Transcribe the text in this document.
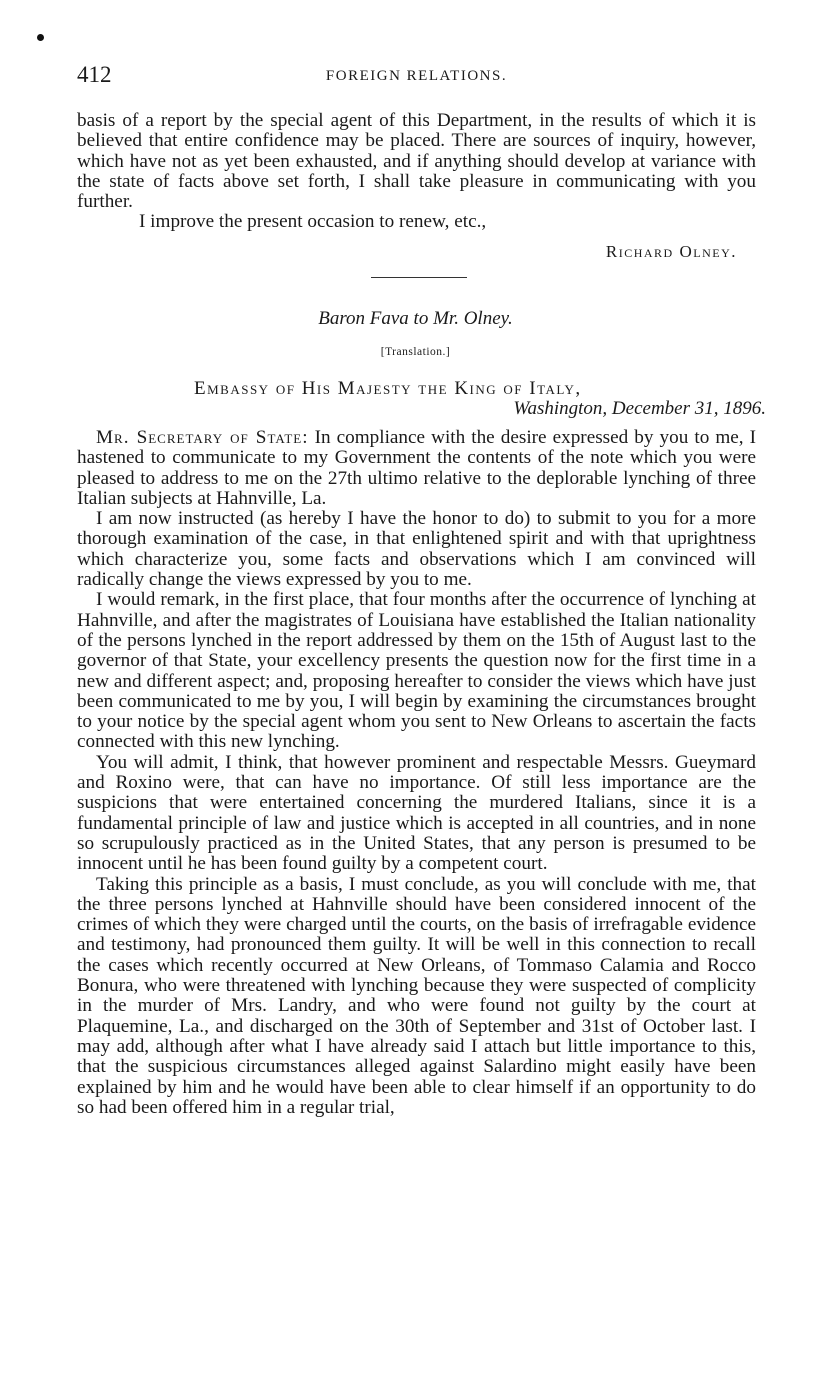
412	FOREIGN RELATIONS.

basis of a report by the special agent of this Department, in the results of which it is believed that entire confidence may be placed. There are sources of inquiry, however, which have not as yet been exhausted, and if anything should develop at variance with the state of facts above set forth, I shall take pleasure in communicating with you further.

I improve the present occasion to renew, etc.,

Richard Olney.
Baron Fava to Mr. Olney.
[Translation.]
Embassy of His Majesty the King of Italy,
Washington, December 31, 1896.

Mr. Secretary of State: In compliance with the desire expressed by you to me, I hastened to communicate to my Government the contents of the note which you were pleased to address to me on the 27th ultimo relative to the deplorable lynching of three Italian subjects at Hahnville, La.

I am now instructed (as hereby I have the honor to do) to submit to you for a more thorough examination of the case, in that enlightened spirit and with that uprightness which characterize you, some facts and observations which I am convinced will radically change the views expressed by you to me.

I would remark, in the first place, that four months after the occurrence of lynching at Hahnville, and after the magistrates of Louisiana have established the Italian nationality of the persons lynched in the report addressed by them on the 15th of August last to the governor of that State, your excellency presents the question now for the first time in a new and different aspect; and, proposing hereafter to consider the views which have just been communicated to me by you, I will begin by examining the circumstances brought to your notice by the special agent whom you sent to New Orleans to ascertain the facts connected with this new lynching.

You will admit, I think, that however prominent and respectable Messrs. Gueymard and Roxino were, that can have no importance. Of still less importance are the suspicions that were entertained concerning the murdered Italians, since it is a fundamental principle of law and justice which is accepted in all countries, and in none so scrupulously practiced as in the United States, that any person is presumed to be innocent until he has been found guilty by a competent court.

Taking this principle as a basis, I must conclude, as you will conclude with me, that the three persons lynched at Hahnville should have been considered innocent of the crimes of which they were charged until the courts, on the basis of irrefragable evidence and testimony, had pronounced them guilty. It will be well in this connection to recall the cases which recently occurred at New Orleans, of Tommaso Calamia and Rocco Bonura, who were threatened with lynching because they were suspected of complicity in the murder of Mrs. Landry, and who were found not guilty by the court at Plaquemine, La., and discharged on the 30th of September and 31st of October last. I may add, although after what I have already said I attach but little importance to this, that the suspicious circumstances alleged against Salardino might easily have been explained by him and he would have been able to clear himself if an opportunity to do so had been offered him in a regular trial,
